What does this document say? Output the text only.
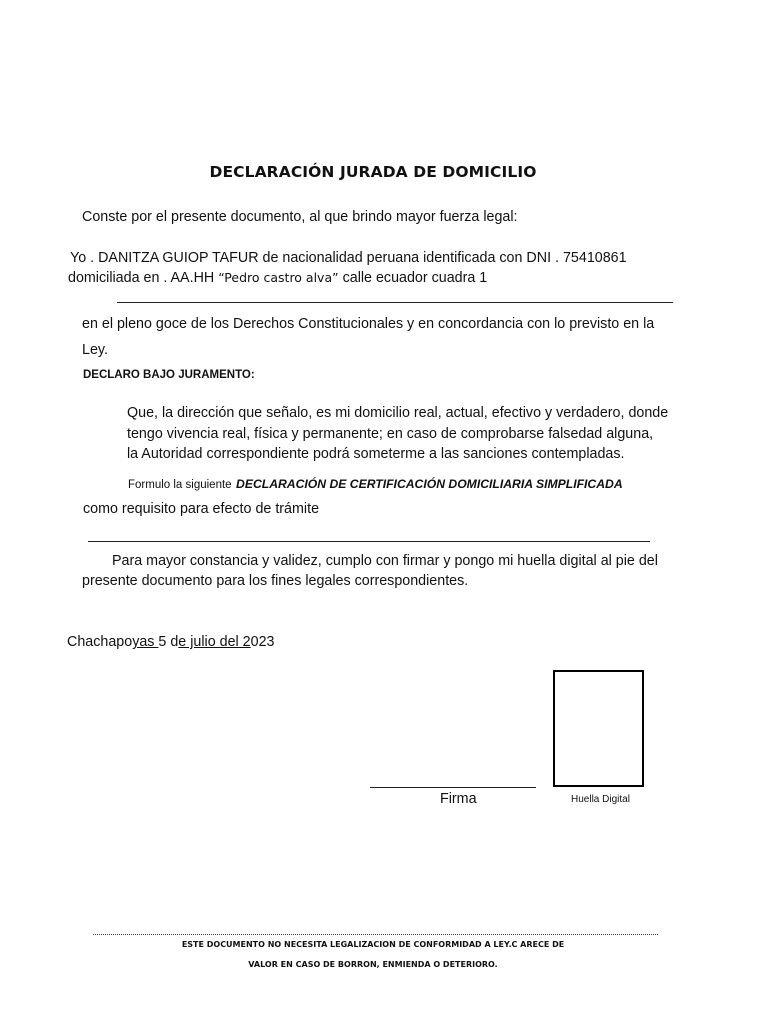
DECLARACIÓN JURADA DE DOMICILIO
Conste por el presente documento, al que brindo mayor fuerza legal:
Yo . DANITZA GUIOP TAFUR de nacionalidad peruana identificada con DNI . 75410861
domiciliada en . AA.HH “Pedro castro alva” calle ecuador cuadra 1
en el pleno goce de los Derechos Constitucionales y en concordancia con lo previsto en la
Ley.
DECLARO BAJO JURAMENTO:
Que, la dirección que señalo, es mi domicilio real, actual, efectivo y verdadero, donde
tengo vivencia real, física y permanente; en caso de comprobarse falsedad alguna,
la Autoridad correspondiente podrá someterme a las sanciones contempladas.
Formulo la siguiente DECLARACIÓN DE CERTIFICACIÓN DOMICILIARIA SIMPLIFICADA
como requisito para efecto de trámite
Para mayor constancia y validez, cumplo con firmar y pongo mi huella digital al pie del
presente documento para los fines legales correspondientes.
Chachapoyas 5 de julio del 2023
Firma	Huella Digital
ESTE DOCUMENTO NO NECESITA LEGALIZACION DE CONFORMIDAD A LEY.C ARECE DE
VALOR EN CASO DE BORRON, ENMIENDA O DETERIORO.
